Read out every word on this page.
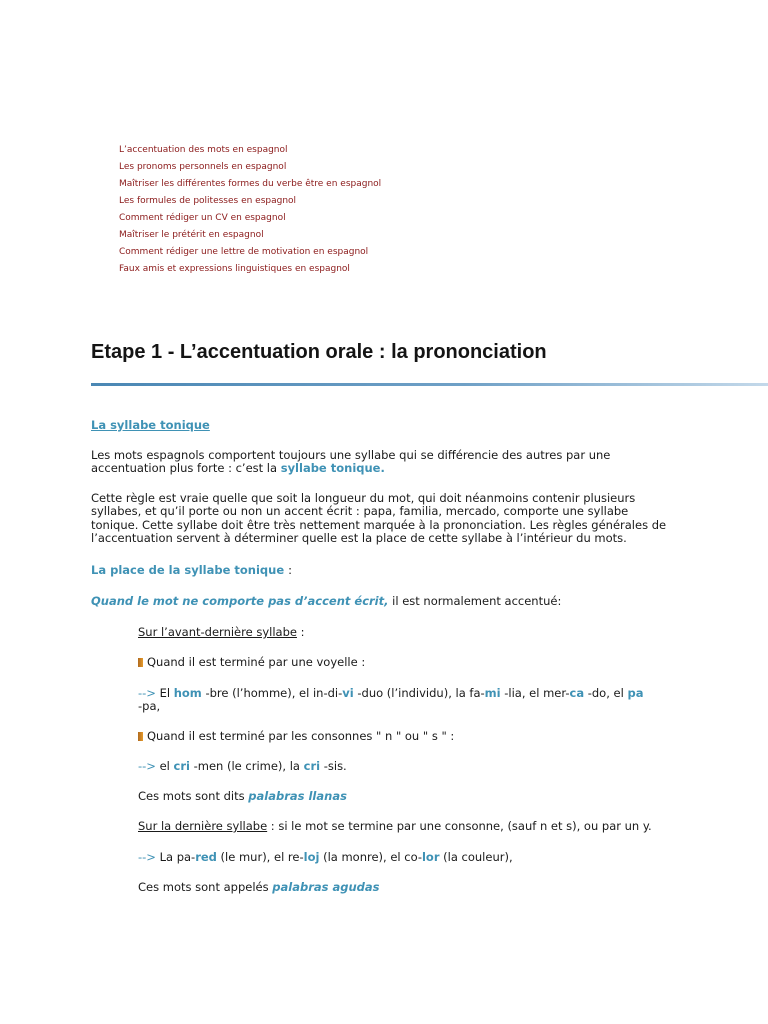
L’accentuation des mots en espagnol
Les pronoms personnels en espagnol
Maîtriser les différentes formes du verbe être en espagnol
Les formules de politesses en espagnol
Comment rédiger un CV en espagnol
Maîtriser le prétérit en espagnol
Comment rédiger une lettre de motivation en espagnol
Faux amis et expressions linguistiques en espagnol
Etape 1 - L’accentuation orale : la prononciation

La syllabe tonique

Les mots espagnols comportent toujours une syllabe qui se différencie des autres par une

accentuation plus forte : c’est la syllabe tonique.

Cette règle est vraie quelle que soit la longueur du mot, qui doit néanmoins contenir plusieurs

syllabes, et qu’il porte ou non un accent écrit : papa, familia, mercado, comporte une syllabe

tonique. Cette syllabe doit être très nettement marquée à la prononciation. Les règles générales de

l’accentuation servent à déterminer quelle est la place de cette syllabe à l’intérieur du mots.

La place de la syllabe tonique :

Quand le mot ne comporte pas d’accent écrit, il est normalement accentué:

Sur l’avant-dernière syllabe :

Quand il est terminé par une voyelle :

--> El hom -bre (l’homme), el in-di-vi -duo (l’individu), la fa-mi -lia, el mer-ca -do, el pa

-pa,

Quand il est terminé par les consonnes " n " ou " s " :

--> el cri -men (le crime), la cri -sis.

Ces mots sont dits palabras llanas

Sur la dernière syllabe : si le mot se termine par une consonne, (sauf n et s), ou par un y.

--> La pa-red (le mur), el re-loj (la monre), el co-lor (la couleur),

Ces mots sont appelés palabras agudas
